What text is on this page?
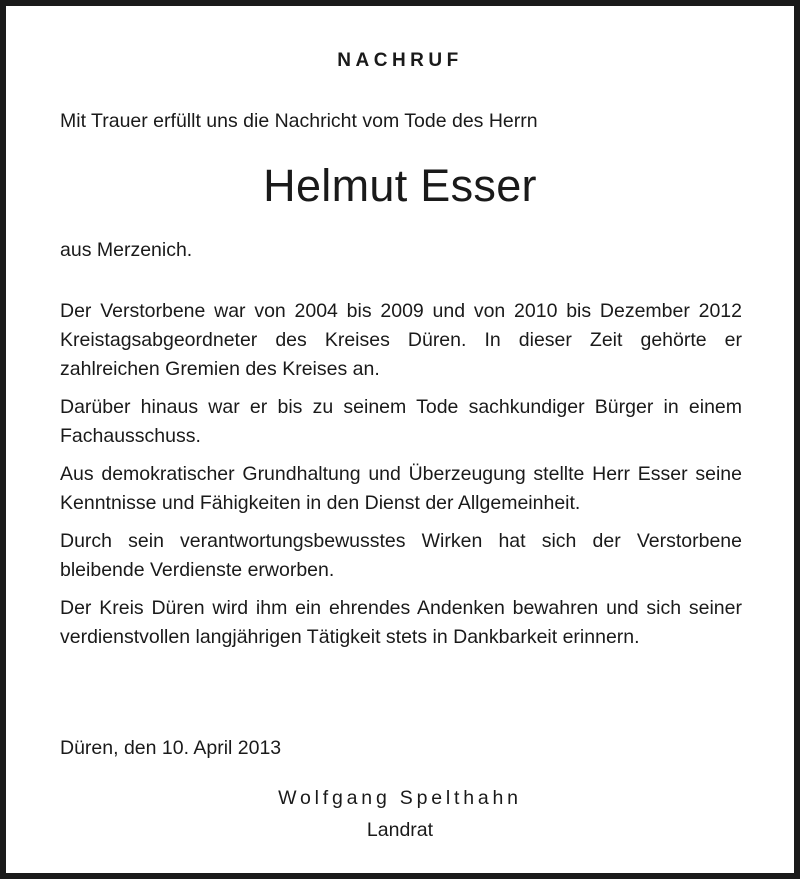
NACHRUF

Mit Trauer erfüllt uns die Nachricht vom Tode des Herrn

Helmut Esser

aus Merzenich.

Der Verstorbene war von 2004 bis 2009 und von 2010 bis Dezember 2012 Kreistagsabgeordneter des Kreises Düren. In dieser Zeit gehörte er zahlreichen Gremien des Kreises an.

Darüber hinaus war er bis zu seinem Tode sachkundiger Bürger in einem Fachausschuss.

Aus demokratischer Grundhaltung und Überzeugung stellte Herr Esser seine Kenntnisse und Fähigkeiten in den Dienst der Allgemeinheit.

Durch sein verantwortungsbewusstes Wirken hat sich der Verstorbene bleibende Verdienste erworben.

Der Kreis Düren wird ihm ein ehrendes Andenken bewahren und sich seiner verdienstvollen langjährigen Tätigkeit stets in Dankbarkeit erinnern.

Düren, den 10. April 2013

Wolfgang Spelthahn

Landrat
